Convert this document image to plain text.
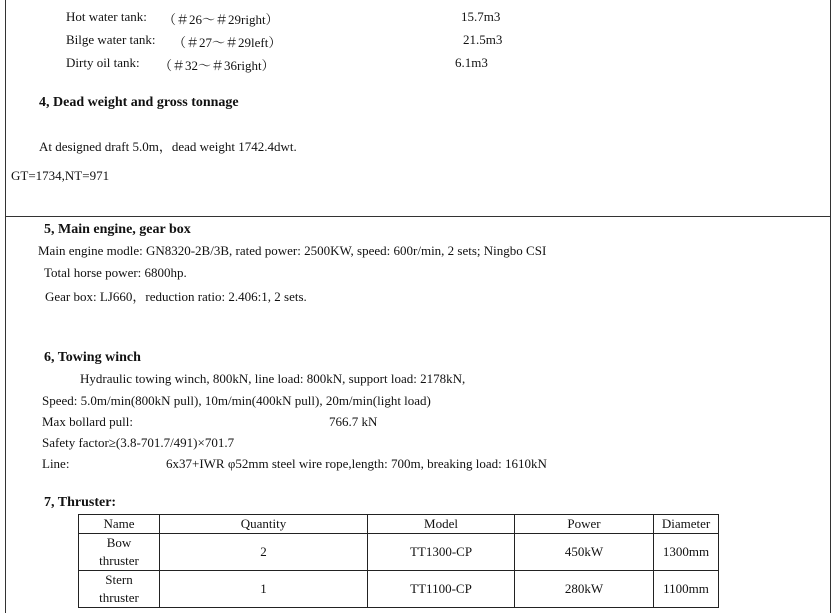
Hot water tank: （＃26～＃29right）	15.7m3
Bilge water tank: （＃27～＃29left）	21.5m3
Dirty oil tank: （＃32～＃36right）	6.1m3
4, Dead weight and gross tonnage
At designed draft 5.0m，dead weight 1742.4dwt.
GT=1734,NT=971
5, Main engine, gear box
Main engine modle: GN8320-2B/3B, rated power: 2500KW, speed: 600r/min, 2 sets; Ningbo CSI
Total horse power: 6800hp.
Gear box: LJ660，reduction ratio: 2.406:1, 2 sets.
6, Towing winch
Hydraulic towing winch, 800kN, line load: 800kN, support load: 2178kN,
Speed: 5.0m/min(800kN pull), 10m/min(400kN pull), 20m/min(light load)
Max bollard pull:	766.7 kN
Safety factor≥(3.8-701.7/491)×701.7
Line:	6x37+IWR φ52mm steel wire rope,length: 700m, breaking load: 1610kN
7, Thruster:
Name	Quantity	Model	Power	Diameter
Bow
thruster	2	TT1300-CP	450kW	1300mm
Stern
thruster	1	TT1100-CP	280kW	1100mm
